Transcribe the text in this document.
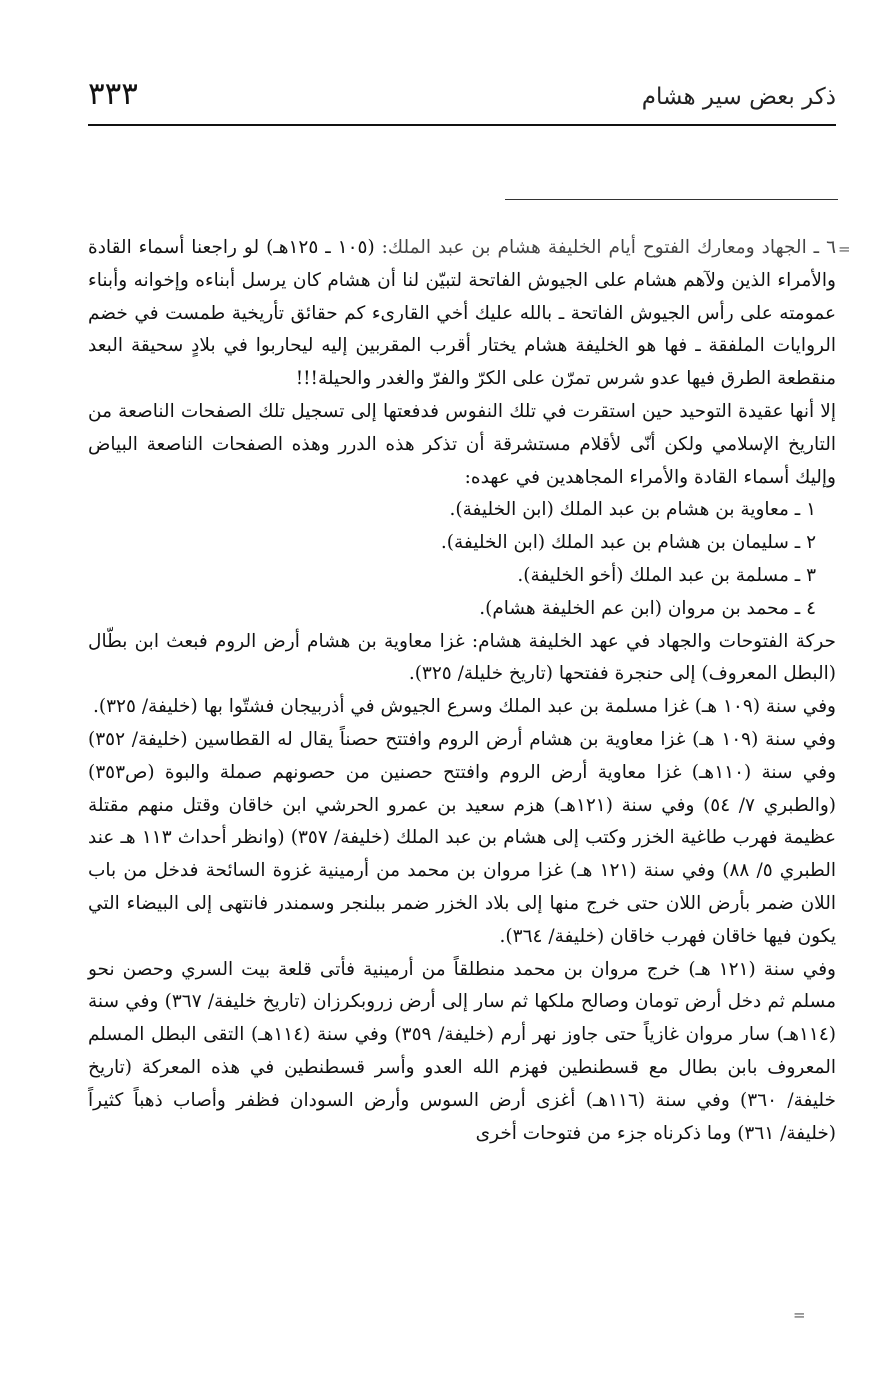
٣٣٣	ذكر بعض سير هشام
=

٦ ـ الجهاد ومعارك الفتوح أيام الخليفة هشام بن عبد الملك: (١٠٥ ـ ١٢٥هـ) لو راجعنا أسماء القادة والأمراء الذين ولآهم هشام على الجيوش الفاتحة لتبيّن لنا أن هشام كان يرسل أبناءه وإخوانه وأبناء عمومته على رأس الجيوش الفاتحة ـ بالله عليك أخي القارىء كم حقائق تأريخية طمست في خضم الروايات الملفقة ـ فها هو الخليفة هشام يختار أقرب المقربين إليه ليحاربوا في بلادٍ سحيقة البعد منقطعة الطرق فيها عدو شرس تمرّن على الكرّ والفرّ والغدر والحيلة!!!

إلا أنها عقيدة التوحيد حين استقرت في تلك النفوس فدفعتها إلى تسجيل تلك الصفحات الناصعة من التاريخ الإسلامي ولكن أنّى لأقلام مستشرقة أن تذكر هذه الدرر وهذه الصفحات الناصعة البياض وإليك أسماء القادة والأمراء المجاهدين في عهده:

١ ـ معاوية بن هشام بن عبد الملك (ابن الخليفة).

٢ ـ سليمان بن هشام بن عبد الملك (ابن الخليفة).

٣ ـ مسلمة بن عبد الملك (أخو الخليفة).

٤ ـ محمد بن مروان (ابن عم الخليفة هشام).

حركة الفتوحات والجهاد في عهد الخليفة هشام: غزا معاوية بن هشام أرض الروم فبعث ابن بطّال (البطل المعروف) إلى حنجرة ففتحها (تاريخ خليلة/ ٣٢٥).

وفي سنة (١٠٩ هـ) غزا مسلمة بن عبد الملك وسرع الجيوش في أذربيجان فشتّوا بها (خليفة/ ٣٢٥).

وفي سنة (١٠٩ هـ) غزا معاوية بن هشام أرض الروم وافتتح حصناً يقال له القطاسين (خليفة/ ٣٥٢) وفي سنة (١١٠هـ) غزا معاوية أرض الروم وافتتح حصنين من حصونهم صملة والبوة (ص٣٥٣) (والطبري ٧/ ٥٤) وفي سنة (١٢١هـ) هزم سعيد بن عمرو الحرشي ابن خاقان وقتل منهم مقتلة عظيمة فهرب طاغية الخزر وكتب إلى هشام بن عبد الملك (خليفة/ ٣٥٧) (وانظر أحداث ١١٣ هـ عند الطبري ٥/ ٨٨) وفي سنة (١٢١ هـ) غزا مروان بن محمد من أرمينية غزوة السائحة فدخل من باب اللان ضمر بأرض اللان حتى خرج منها إلى بلاد الخزر ضمر ببلنجر وسمندر فانتهى إلى البيضاء التي يكون فيها خاقان فهرب خاقان (خليفة/ ٣٦٤).

وفي سنة (١٢١ هـ) خرج مروان بن محمد منطلقاً من أرمينية فأتى قلعة بيت السري وحصن نحو مسلم ثم دخل أرض تومان وصالح ملكها ثم سار إلى أرض زروبكرزان (تاريخ خليفة/ ٣٦٧) وفي سنة (١١٤هـ) سار مروان غازياً حتى جاوز نهر أرم (خليفة/ ٣٥٩) وفي سنة (١١٤هـ) التقى البطل المسلم المعروف بابن بطال مع قسطنطين فهزم الله العدو وأسر قسطنطين في هذه المعركة (تاريخ خليفة/ ٣٦٠) وفي سنة (١١٦هـ) أغزى أرض السوس وأرض السودان فظفر وأصاب ذهباً كثيراً (خليفة/ ٣٦١) وما ذكرناه جزء من فتوحات أخرى

=
